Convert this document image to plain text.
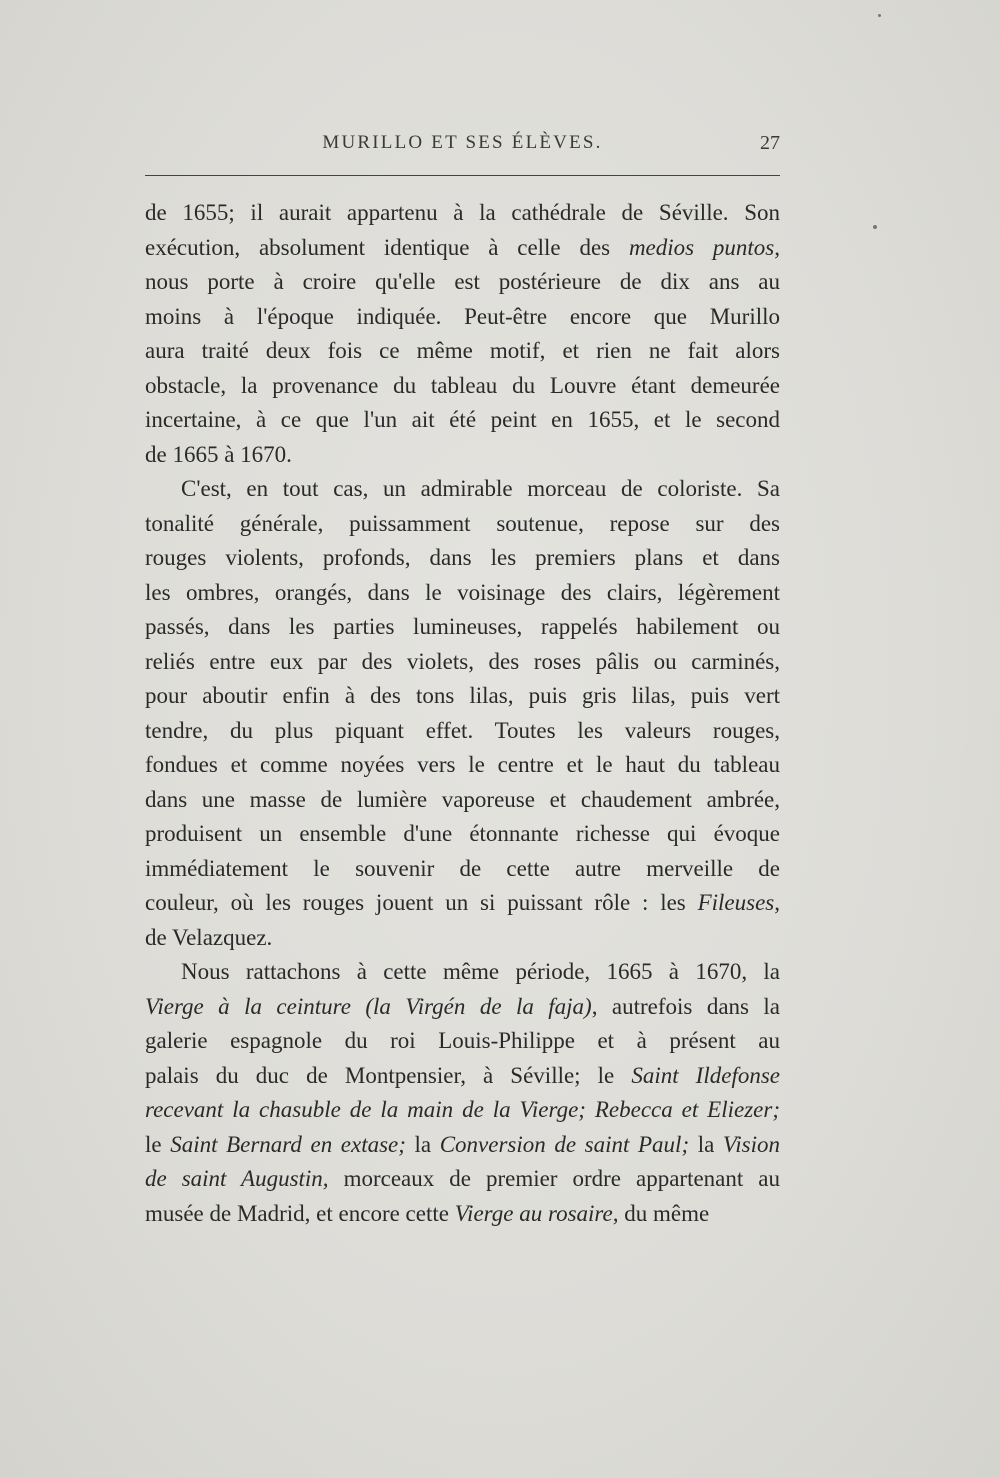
MURILLO ET SES ÉLÈVES.	27
de 1655; il aurait appartenu à la cathédrale de Séville. Son
exécution, absolument identique à celle des medios puntos,
nous porte à croire qu'elle est postérieure de dix ans au
moins à l'époque indiquée. Peut-être encore que Murillo
aura traité deux fois ce même motif, et rien ne fait alors
obstacle, la provenance du tableau du Louvre étant demeurée
incertaine, à ce que l'un ait été peint en 1655, et le second
de 1665 à 1670.
C'est, en tout cas, un admirable morceau de coloriste. Sa
tonalité générale, puissamment soutenue, repose sur des
rouges violents, profonds, dans les premiers plans et dans
les ombres, orangés, dans le voisinage des clairs, légèrement
passés, dans les parties lumineuses, rappelés habilement ou
reliés entre eux par des violets, des roses pâlis ou carminés,
pour aboutir enfin à des tons lilas, puis gris lilas, puis vert
tendre, du plus piquant effet. Toutes les valeurs rouges,
fondues et comme noyées vers le centre et le haut du tableau
dans une masse de lumière vaporeuse et chaudement ambrée,
produisent un ensemble d'une étonnante richesse qui évoque
immédiatement le souvenir de cette autre merveille de
couleur, où les rouges jouent un si puissant rôle : les Fileuses,
de Velazquez.
Nous rattachons à cette même période, 1665 à 1670, la
Vierge à la ceinture (la Virgén de la faja), autrefois dans la
galerie espagnole du roi Louis-Philippe et à présent au
palais du duc de Montpensier, à Séville; le Saint Ildefonse
recevant la chasuble de la main de la Vierge; Rebecca et Eliezer;
le Saint Bernard en extase; la Conversion de saint Paul; la Vision
de saint Augustin, morceaux de premier ordre appartenant au
musée de Madrid, et encore cette Vierge au rosaire, du même
